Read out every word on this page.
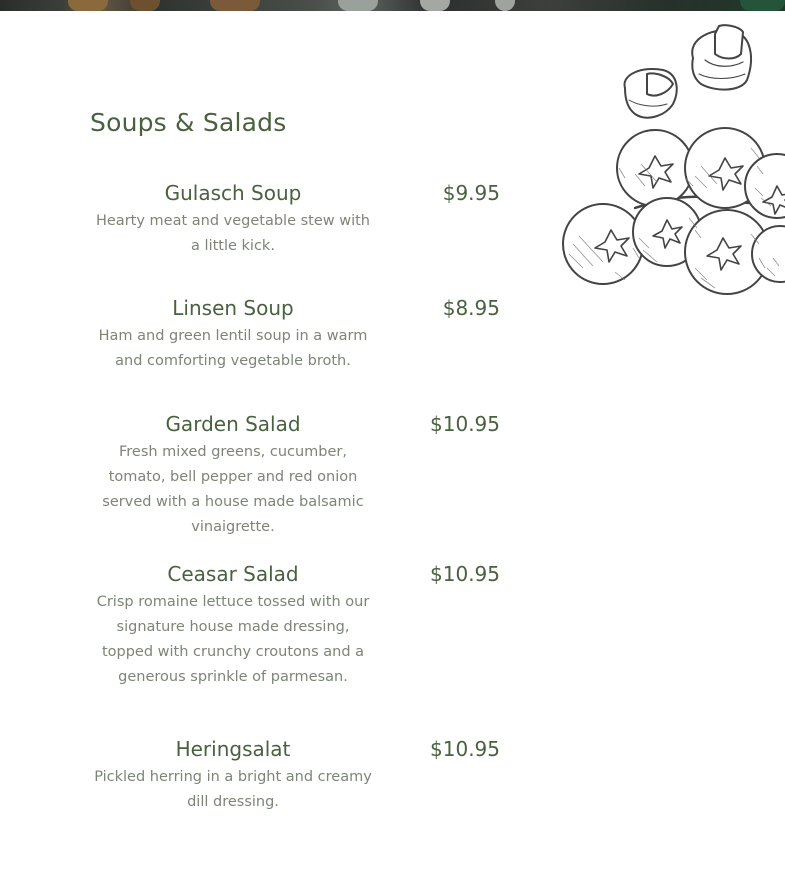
Soups & Salads
Gulasch Soup	$9.95
Hearty meat and vegetable stew with a little kick.
Linsen Soup	$8.95
Ham and green lentil soup in a warm and comforting vegetable broth.
Garden Salad	$10.95
Fresh mixed greens, cucumber, tomato, bell pepper and red onion served with a house made balsamic vinaigrette.
Ceasar Salad	$10.95
Crisp romaine lettuce tossed with our signature house made dressing, topped with crunchy croutons and a generous sprinkle of parmesan.
Heringsalat	$10.95
Pickled herring in a bright and creamy dill dressing.
